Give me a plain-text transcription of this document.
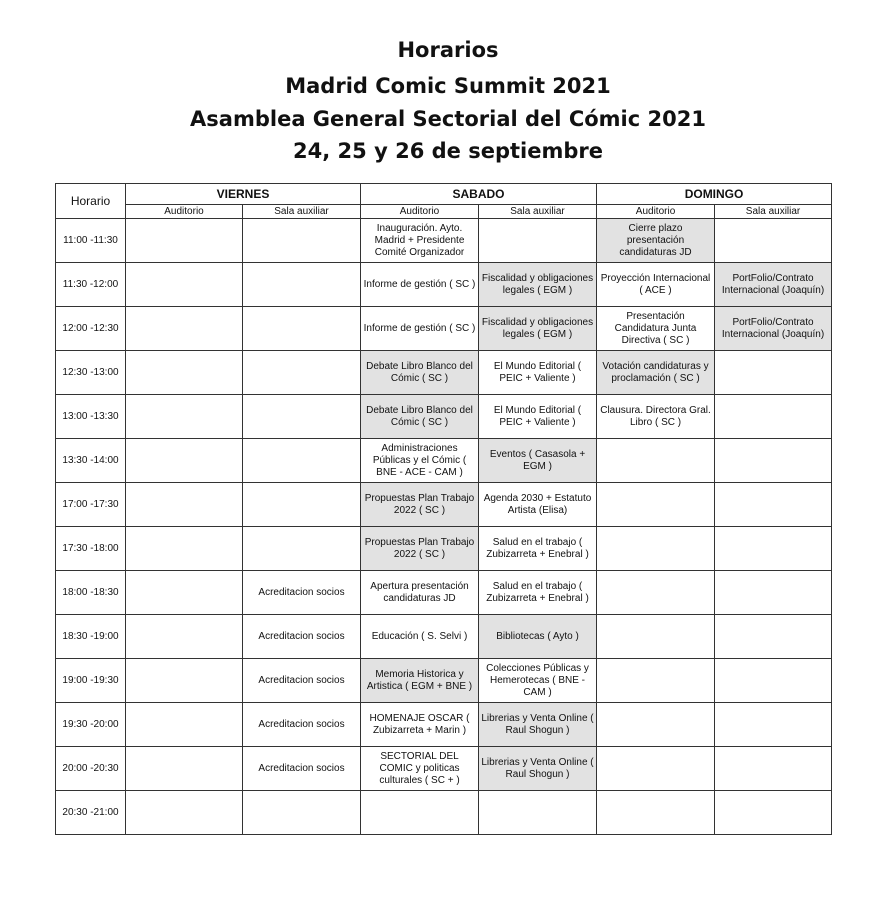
Horarios
Madrid Comic Summit 2021
Asamblea General Sectorial del Cómic 2021
24, 25 y 26 de septiembre
Horario	VIERNES		SABADO		DOMINGO	
	Auditorio	Sala auxiliar	Auditorio	Sala auxiliar	Auditorio	Sala auxiliar
11:00 -11:30			Inauguración. Ayto. Madrid + Presidente Comité Organizador		Cierre plazo presentación candidaturas JD	
11:30 -12:00			Informe de gestión ( SC )	Fiscalidad y obligaciones legales ( EGM )	Proyección Internacional ( ACE )	PortFolio/Contrato Internacional (Joaquín)
12:00 -12:30			Informe de gestión ( SC )	Fiscalidad y obligaciones legales ( EGM )	Presentación Candidatura Junta Directiva ( SC )	PortFolio/Contrato Internacional (Joaquín)
12:30 -13:00			Debate Libro Blanco del Cómic ( SC )	El Mundo Editorial ( PEIC + Valiente )	Votación candidaturas y proclamación ( SC )	
13:00 -13:30			Debate Libro Blanco del Cómic ( SC )	El Mundo Editorial ( PEIC + Valiente )	Clausura. Directora Gral. Libro ( SC )	
13:30 -14:00			Administraciones Públicas y el Cómic ( BNE - ACE - CAM )	Eventos ( Casasola + EGM )		
17:00 -17:30			Propuestas Plan Trabajo 2022 ( SC )	Agenda 2030 + Estatuto Artista (Elisa)		
17:30 -18:00			Propuestas Plan Trabajo 2022 ( SC )	Salud en el trabajo ( Zubizarreta + Enebral )		
18:00 -18:30		Acreditacion socios	Apertura presentación candidaturas JD	Salud en el trabajo ( Zubizarreta + Enebral )		
18:30 -19:00		Acreditacion socios	Educación ( S. Selvi )	Bibliotecas ( Ayto )		
19:00 -19:30		Acreditacion socios	Memoria Historica y Artistica ( EGM + BNE )	Colecciones Públicas y Hemerotecas ( BNE - CAM )		
19:30 -20:00		Acreditacion socios	HOMENAJE OSCAR ( Zubizarreta + Marin )	Librerias y Venta Online ( Raul Shogun )		
20:00 -20:30		Acreditacion socios	SECTORIAL DEL COMIC y politicas culturales ( SC + )	Librerias y Venta Online ( Raul Shogun )		
20:30 -21:00						
